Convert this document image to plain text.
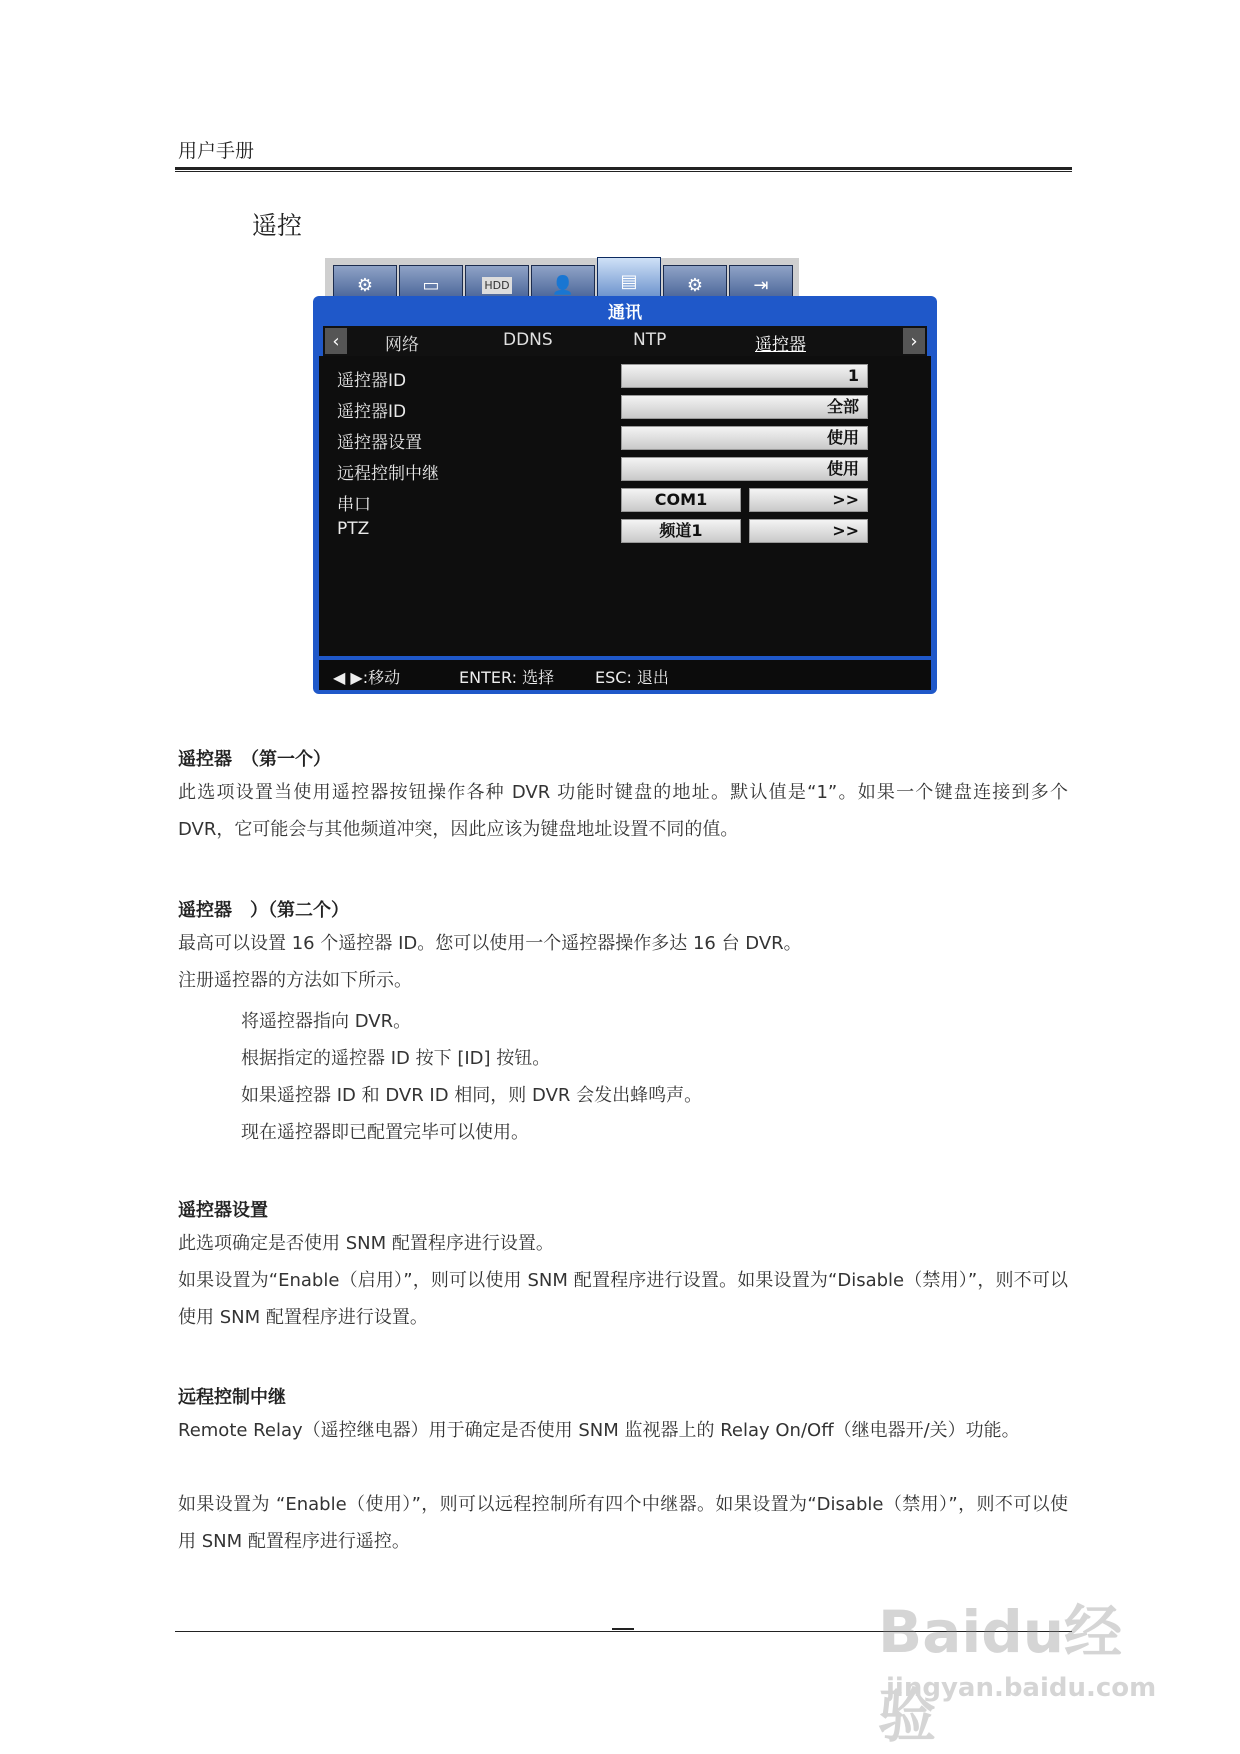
用户手册
遥控
⚙	▭	HDD	👤	▤	⚙	⇥
通讯
‹	网络	DDNS	NTP	遥控器	›
遥控器ID	1
遥控器ID	全部
遥控器设置	使用
远程控制中继	使用
串口	COM1	>>
PTZ	频道1	>>
◀ ▶:移动	ENTER: 选择	ESC: 退出
遥控器　（第一个）
此选项设置当使用遥控器按钮操作各种 DVR 功能时键盘的地址。默认值是“1”。如果一个键盘连接到多个 DVR，它可能会与其他频道冲突，因此应该为键盘地址设置不同的值。
遥控器　）（第二个）
最高可以设置 16 个遥控器 ID。您可以使用一个遥控器操作多达 16 台 DVR。
注册遥控器的方法如下所示。
将遥控器指向 DVR。
根据指定的遥控器 ID 按下 [ID] 按钮。
如果遥控器 ID 和 DVR ID 相同，则 DVR 会发出蜂鸣声。
现在遥控器即已配置完毕可以使用。
遥控器设置
此选项确定是否使用 SNM 配置程序进行设置。
如果设置为“Enable（启用）”，则可以使用 SNM 配置程序进行设置。如果设置为“Disable（禁用）”，则不可以使用 SNM 配置程序进行设置。
远程控制中继
Remote Relay（遥控继电器）用于确定是否使用 SNM 监视器上的 Relay On/Off（继电器开/关）功能。
如果设置为 “Enable（使用）”，则可以远程控制所有四个中继器。如果设置为“Disable（禁用）”，则不可以使用 SNM 配置程序进行遥控。
Baidu经验
jingyan.baidu.com
